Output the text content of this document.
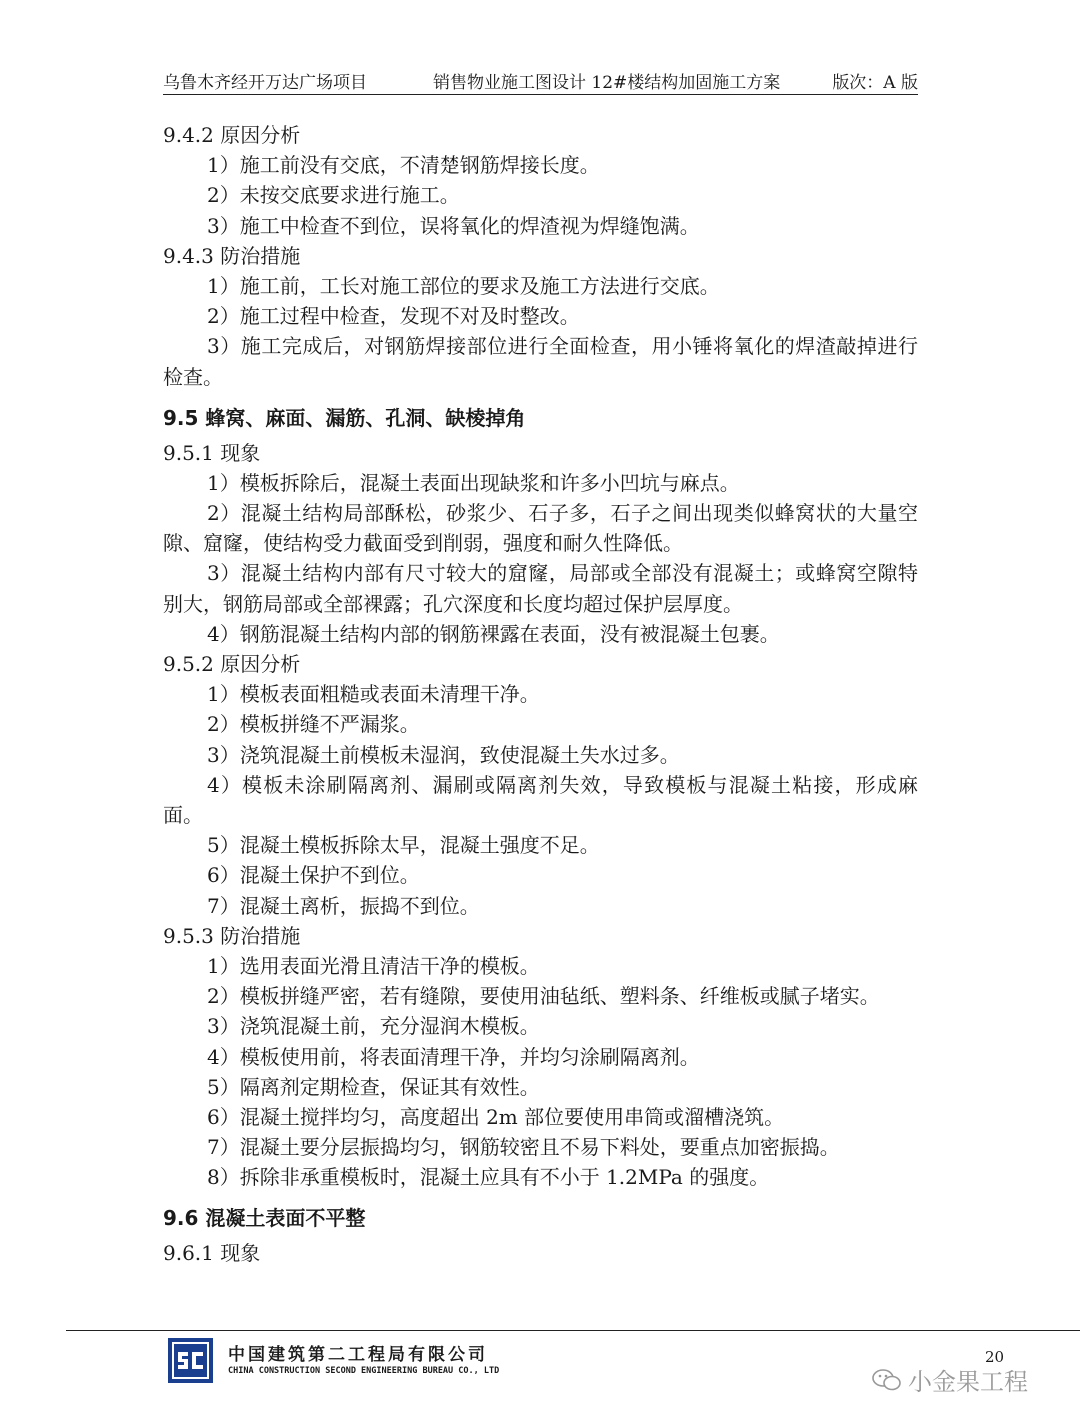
乌鲁木齐经开万达广场项目	销售物业施工图设计 12#楼结构加固施工方案	版次：A 版
9.4.2 原因分析
1）施工前没有交底，不清楚钢筋焊接长度。
2）未按交底要求进行施工。
3）施工中检查不到位，误将氧化的焊渣视为焊缝饱满。
9.4.3 防治措施
1）施工前，工长对施工部位的要求及施工方法进行交底。
2）施工过程中检查，发现不对及时整改。
3）施工完成后，对钢筋焊接部位进行全面检查，用小锤将氧化的焊渣敲掉进行检查。
9.5 蜂窝、麻面、漏筋、孔洞、缺棱掉角
9.5.1 现象
1）模板拆除后，混凝土表面出现缺浆和许多小凹坑与麻点。
2）混凝土结构局部酥松，砂浆少、石子多，石子之间出现类似蜂窝状的大量空隙、窟窿，使结构受力截面受到削弱，强度和耐久性降低。
3）混凝土结构内部有尺寸较大的窟窿，局部或全部没有混凝土；或蜂窝空隙特别大，钢筋局部或全部裸露；孔穴深度和长度均超过保护层厚度。
4）钢筋混凝土结构内部的钢筋裸露在表面，没有被混凝土包裹。
9.5.2 原因分析
1）模板表面粗糙或表面未清理干净。
2）模板拼缝不严漏浆。
3）浇筑混凝土前模板未湿润，致使混凝土失水过多。
4）模板未涂刷隔离剂、漏刷或隔离剂失效，导致模板与混凝土粘接，形成麻面。
5）混凝土模板拆除太早，混凝土强度不足。
6）混凝土保护不到位。
7）混凝土离析，振捣不到位。
9.5.3 防治措施
1）选用表面光滑且清洁干净的模板。
2）模板拼缝严密，若有缝隙，要使用油毡纸、塑料条、纤维板或腻子堵实。
3）浇筑混凝土前，充分湿润木模板。
4）模板使用前，将表面清理干净，并均匀涂刷隔离剂。
5）隔离剂定期检查，保证其有效性。
6）混凝土搅拌均匀，高度超出 2m 部位要使用串筒或溜槽浇筑。
7）混凝土要分层振捣均匀，钢筋较密且不易下料处，要重点加密振捣。
8）拆除非承重模板时，混凝土应具有不小于 1.2MPa 的强度。
9.6 混凝土表面不平整
9.6.1 现象
中国建筑第二工程局有限公司
CHINA CONSTRUCTION SECOND ENGINEERING BUREAU CO., LTD
20
小金果工程
